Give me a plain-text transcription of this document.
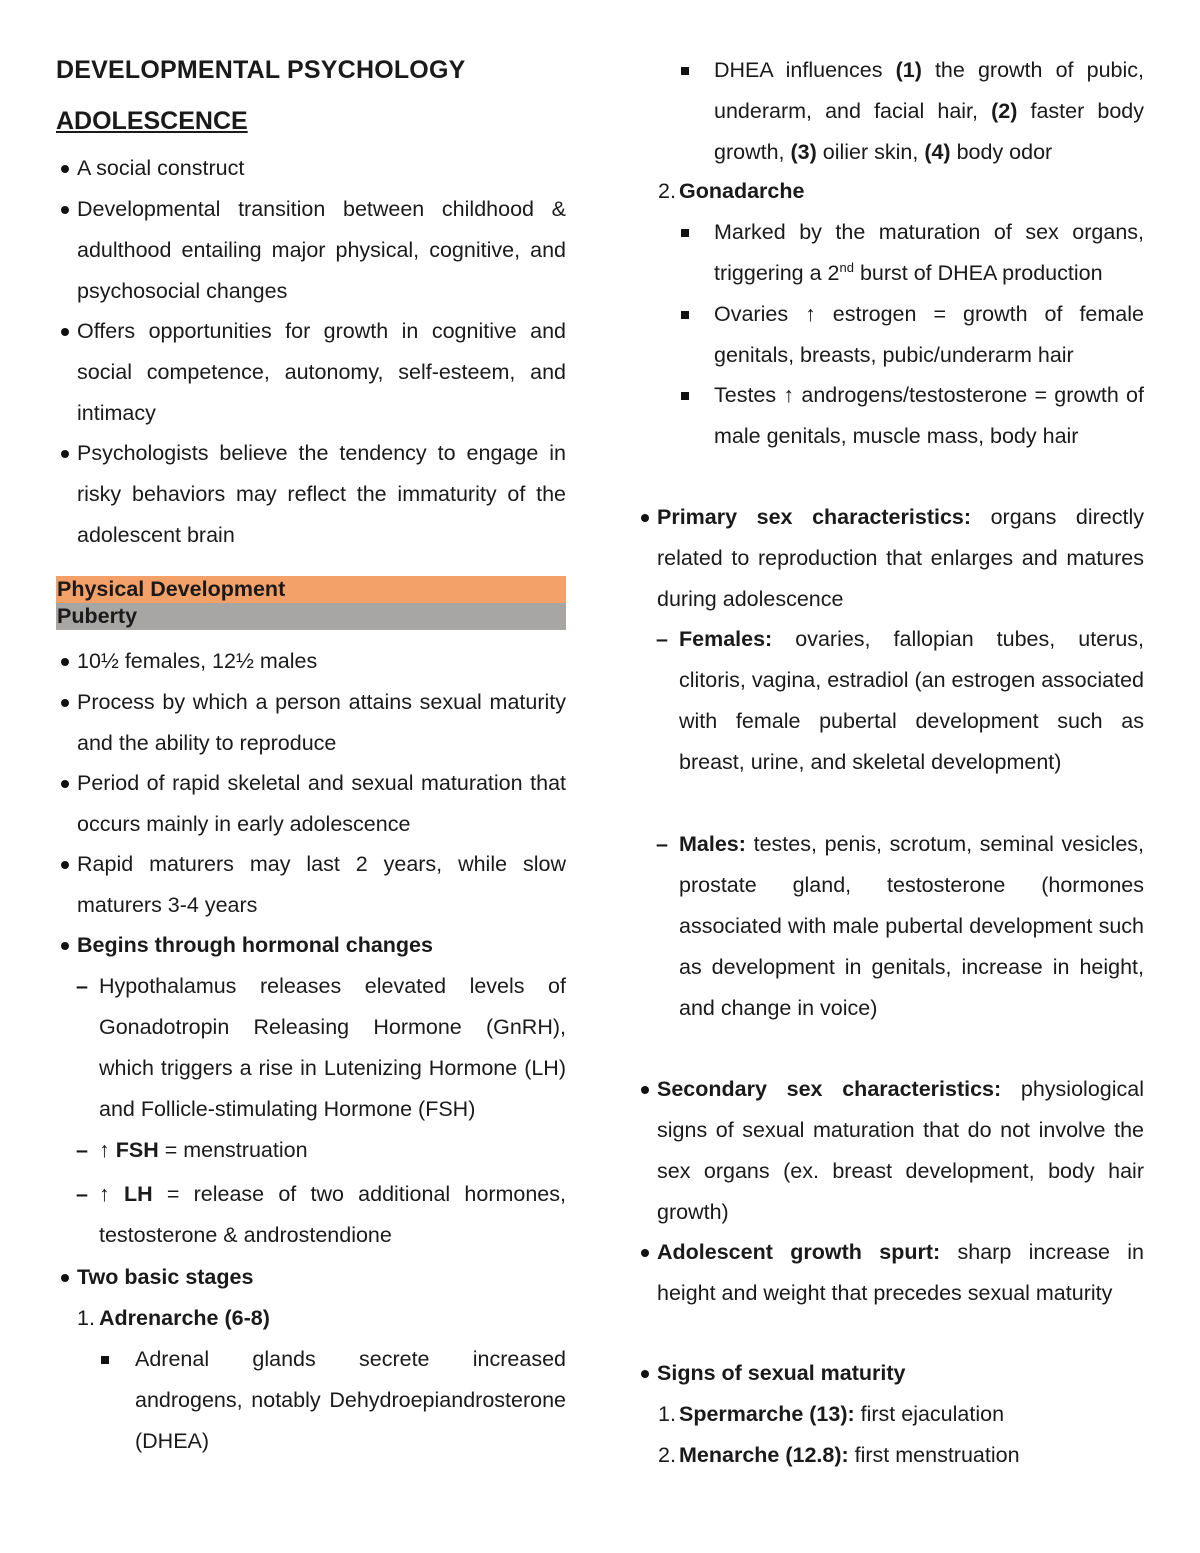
DEVELOPMENTAL PSYCHOLOGY
ADOLESCENCE
A social construct
Developmental transition between childhood & adulthood entailing major physical, cognitive, and psychosocial changes
Offers opportunities for growth in cognitive and social competence, autonomy, self-esteem, and intimacy
Psychologists believe the tendency to engage in risky behaviors may reflect the immaturity of the adolescent brain
Physical Development
Puberty
10½ females, 12½ males
Process by which a person attains sexual maturity and the ability to reproduce
Period of rapid skeletal and sexual maturation that occurs mainly in early adolescence
Rapid maturers may last 2 years, while slow maturers 3-4 years
Begins through hormonal changes
– Hypothalamus releases elevated levels of Gonadotropin Releasing Hormone (GnRH), which triggers a rise in Lutenizing Hormone (LH) and Follicle-stimulating Hormone (FSH)
– ↑ FSH = menstruation
– ↑ LH = release of two additional hormones, testosterone & androstendione
Two basic stages
1. Adrenarche (6-8)
Adrenal glands secrete increased androgens, notably Dehydroepiandrosterone (DHEA)
DHEA influences (1) the growth of pubic, underarm, and facial hair, (2) faster body growth, (3) oilier skin, (4) body odor
2. Gonadarche
Marked by the maturation of sex organs, triggering a 2nd burst of DHEA production
Ovaries ↑ estrogen = growth of female genitals, breasts, pubic/underarm hair
Testes ↑ androgens/testosterone = growth of male genitals, muscle mass, body hair
Primary sex characteristics: organs directly related to reproduction that enlarges and matures during adolescence
– Females: ovaries, fallopian tubes, uterus, clitoris, vagina, estradiol (an estrogen associated with female pubertal development such as breast, urine, and skeletal development)
– Males: testes, penis, scrotum, seminal vesicles, prostate gland, testosterone (hormones associated with male pubertal development such as development in genitals, increase in height, and change in voice)
Secondary sex characteristics: physiological signs of sexual maturation that do not involve the sex organs (ex. breast development, body hair growth)
Adolescent growth spurt: sharp increase in height and weight that precedes sexual maturity
Signs of sexual maturity
1. Spermarche (13): first ejaculation
2. Menarche (12.8): first menstruation
